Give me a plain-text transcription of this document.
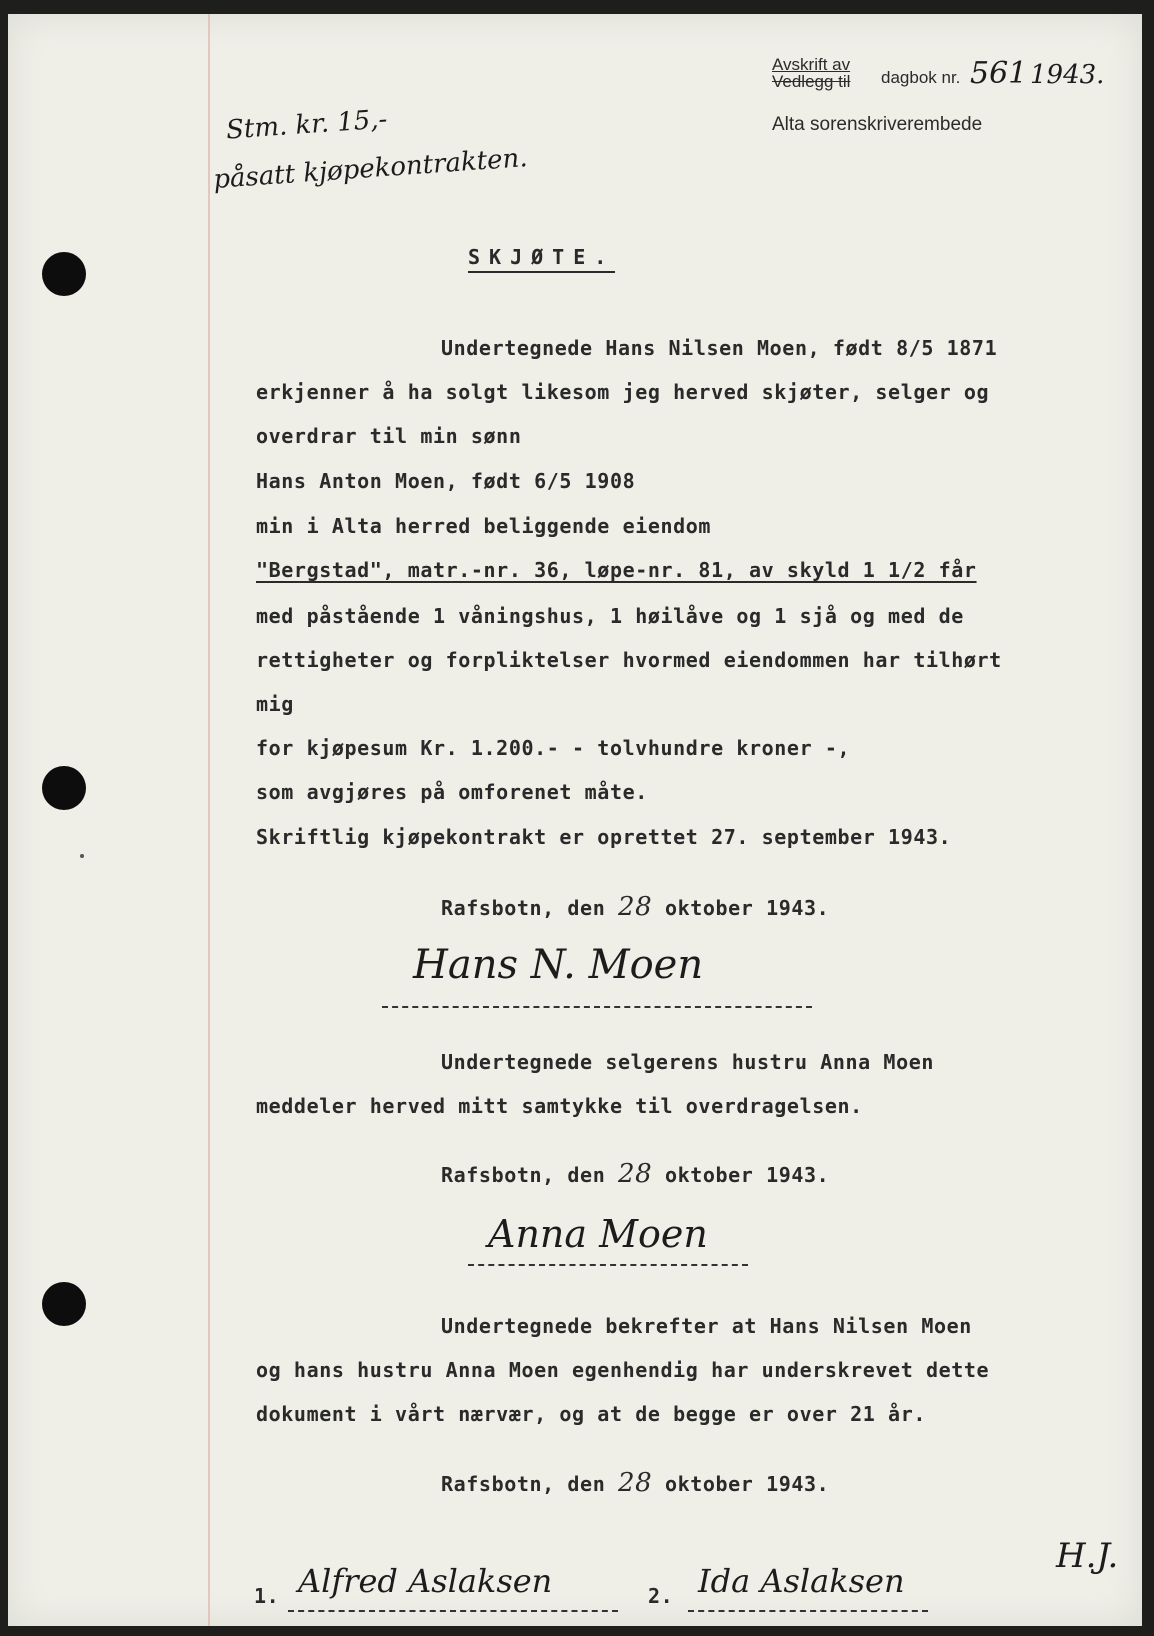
Avskrift av
Vedlegg til dagbok nr. 561 1943.
Alta sorenskriverembede
Stm. kr. 15,-
påsatt kjøpekontrakten.
SKJØTE.
Undertegnede Hans Nilsen Moen, født 8/5 1871
erkjenner å ha solgt likesom jeg herved skjøter, selger og
overdrar til min sønn
Hans Anton Moen, født 6/5 1908
min i Alta herred beliggende eiendom
"Bergstad", matr.-nr. 36, løpe-nr. 81, av skyld 1 1/2 får
med påstående 1 våningshus, 1 høilåve og 1 sjå og med de
rettigheter og forpliktelser hvormed eiendommen har tilhørt
mig
for kjøpesum Kr. 1.200.- - tolvhundre kroner -,
som avgjøres på omforenet måte.
Skriftlig kjøpekontrakt er oprettet 27. september 1943.
Rafsbotn, den 28 oktober 1943.
Hans N. Moen
Undertegnede selgerens hustru Anna Moen
meddeler herved mitt samtykke til overdragelsen.
Rafsbotn, den 28 oktober 1943.
Anna Moen
Undertegnede bekrefter at Hans Nilsen Moen
og hans hustru Anna Moen egenhendig har underskrevet dette
dokument i vårt nærvær, og at de begge er over 21 år.
Rafsbotn, den 28 oktober 1943.
1. Alfred Aslaksen	2. Ida Aslaksen
H.J.
